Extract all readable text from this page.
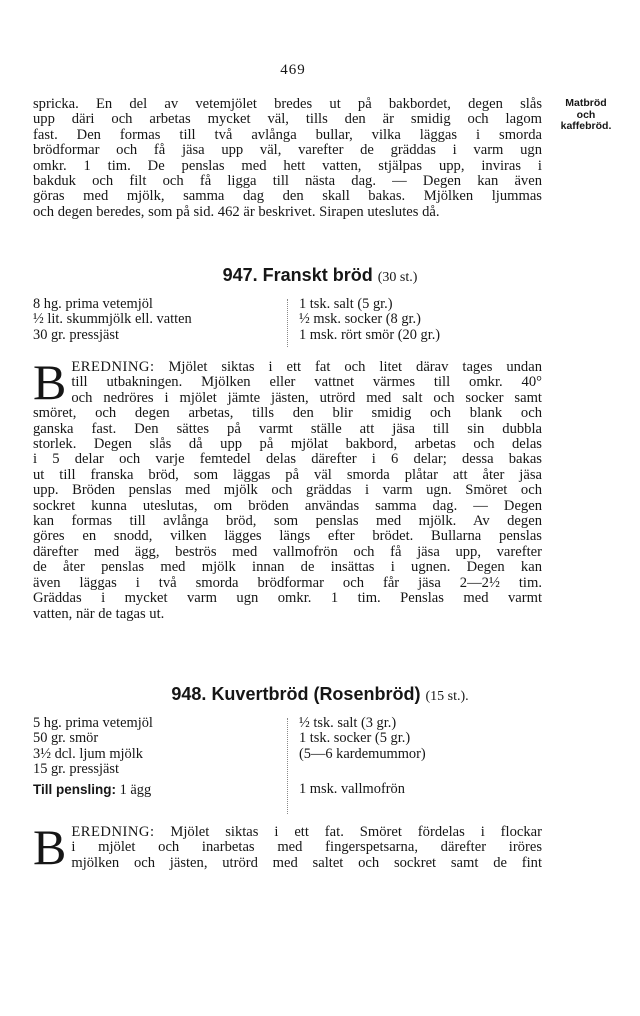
469
Matbröd
och
kaffebröd.
spricka. En del av vetemjölet bredes ut på bakbordet, degen slås
upp däri och arbetas mycket väl, tills den är smidig och lagom
fast. Den formas till två avlånga bullar, vilka läggas i smorda
brödformar och få jäsa upp väl, varefter de gräddas i varm ugn
omkr. 1 tim. De penslas med hett vatten, stjälpas upp, inviras i
bakduk och filt och få ligga till nästa dag. — Degen kan även
göras med mjölk, samma dag den skall bakas. Mjölken ljummas
och degen beredes, som på sid. 462 är beskrivet. Sirapen uteslutes då.
947. Franskt bröd (30 st.)
8 hg. prima vetemjöl
½ lit. skummjölk ell. vatten
30 gr. pressjäst
1 tsk. salt (5 gr.)
½ msk. socker (8 gr.)
1 msk. rört smör (20 gr.)
B EREDNING: Mjölet siktas i ett fat och litet därav tages undan
till utbakningen. Mjölken eller vattnet värmes till omkr. 40°
och nedröres i mjölet jämte jästen, utrörd med salt och socker samt
smöret, och degen arbetas, tills den blir smidig och blank och
ganska fast. Den sättes på varmt ställe att jäsa till sin dubbla
storlek. Degen slås då upp på mjölat bakbord, arbetas och delas
i 5 delar och varje femtedel delas därefter i 6 delar; dessa bakas
ut till franska bröd, som läggas på väl smorda plåtar att åter jäsa
upp. Bröden penslas med mjölk och gräddas i varm ugn. Smöret och
sockret kunna uteslutas, om bröden användas samma dag. — Degen
kan formas till avlånga bröd, som penslas med mjölk. Av degen
göres en snodd, vilken lägges längs efter brödet. Bullarna penslas
därefter med ägg, beströs med vallmofrön och få jäsa upp, varefter
de åter penslas med mjölk innan de insättas i ugnen. Degen kan
även läggas i två smorda brödformar och får jäsa 2—2½ tim.
Gräddas i mycket varm ugn omkr. 1 tim. Penslas med varmt
vatten, när de tagas ut.
948. Kuvertbröd (Rosenbröd) (15 st.).
5 hg. prima vetemjöl
50 gr. smör
3½ dcl. ljum mjölk
15 gr. pressjäst
Till pensling: 1 ägg
½ tsk. salt (3 gr.)
1 tsk. socker (5 gr.)
(5—6 kardemummor)

1 msk. vallmofrön
B EREDNING: Mjölet siktas i ett fat. Smöret fördelas i flockar
i mjölet och inarbetas med fingerspetsarna, därefter iröres
mjölken och jästen, utrörd med saltet och sockret samt de fint
